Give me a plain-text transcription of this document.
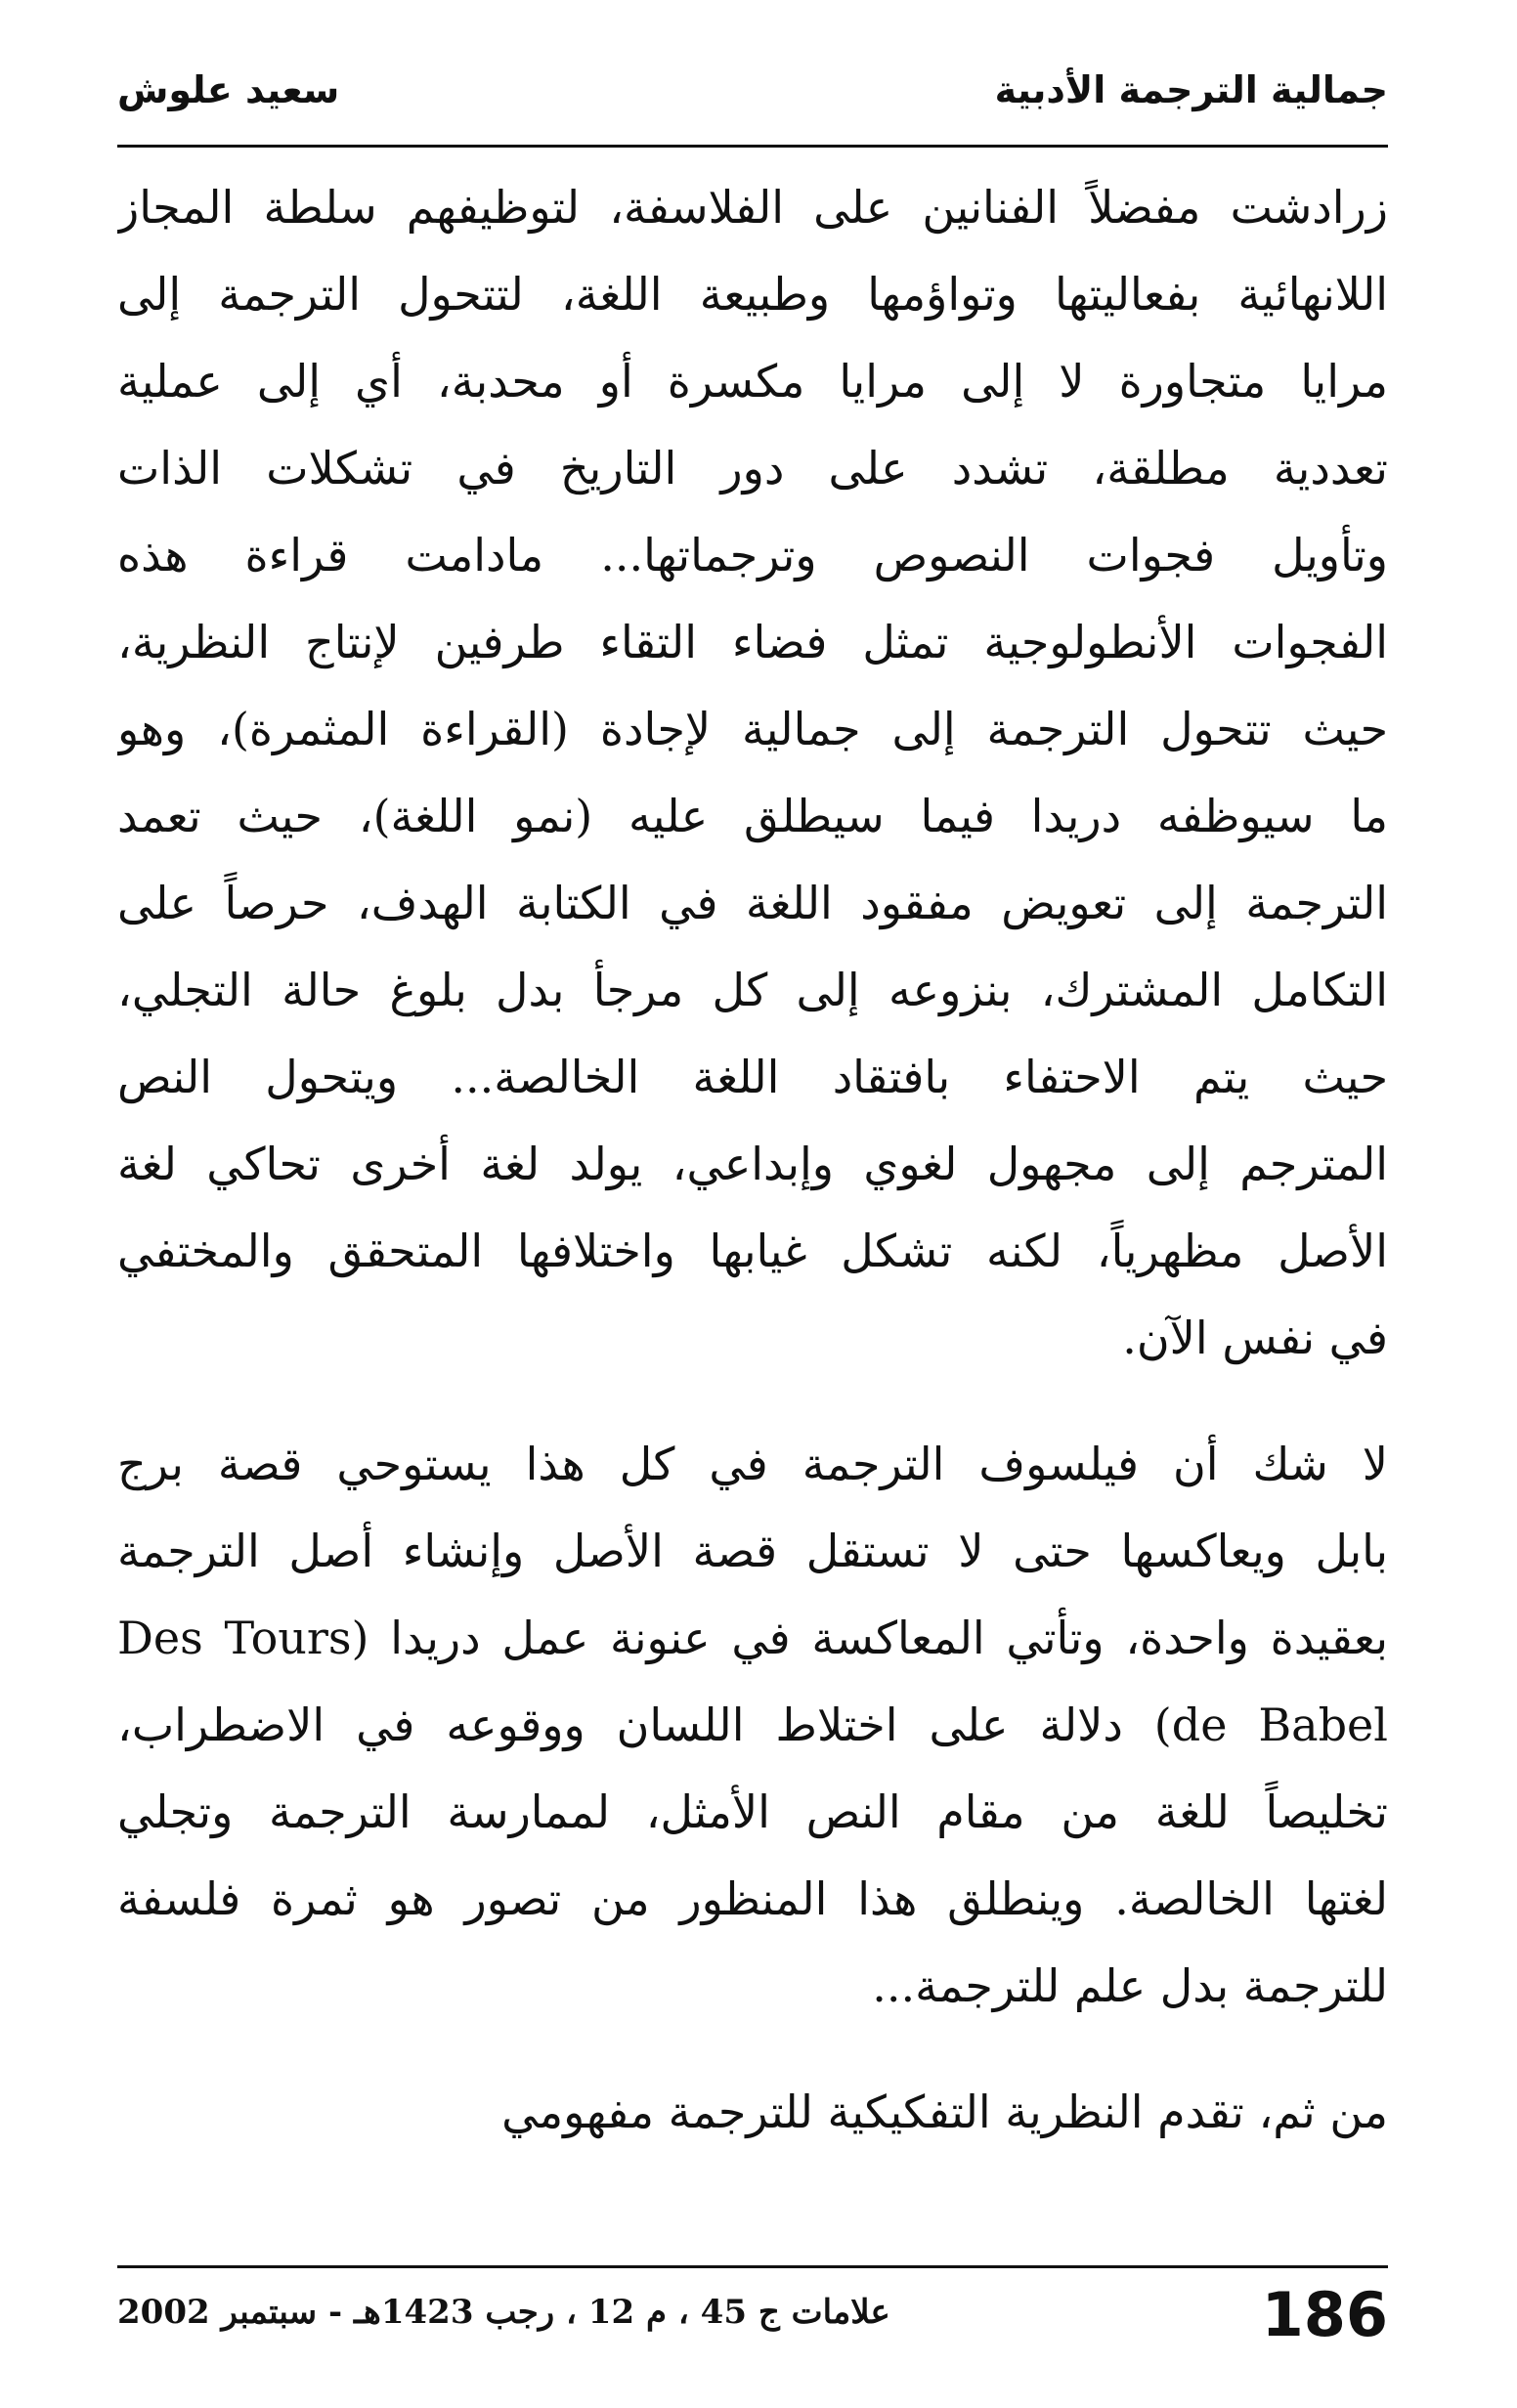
جمالية الترجمة الأدبية
سعيد علوش
زرادشت مفضلاً الفنانين على الفلاسفة، لتوظيفهم سلطة المجاز
اللانهائية بفعاليتها وتواؤمها وطبيعة اللغة، لتتحول الترجمة إلى
مرايا متجاورة لا إلى مرايا مكسرة أو محدبة، أي إلى عملية
تعددية مطلقة، تشدد على دور التاريخ في تشكلات الذات
وتأويل فجوات النصوص وترجماتها... مادامت قراءة هذه
الفجوات الأنطولوجية تمثل فضاء التقاء طرفين لإنتاج النظرية،
حيث تتحول الترجمة إلى جمالية لإجادة (القراءة المثمرة)، وهو
ما سيوظفه دريدا فيما سيطلق عليه (نمو اللغة)، حيث تعمد
الترجمة إلى تعويض مفقود اللغة في الكتابة الهدف، حرصاً على
التكامل المشترك، بنزوعه إلى كل مرجأ بدل بلوغ حالة التجلي،
حيث يتم الاحتفاء بافتقاد اللغة الخالصة... ويتحول النص
المترجم إلى مجهول لغوي وإبداعي، يولد لغة أخرى تحاكي لغة
الأصل مظهرياً، لكنه تشكل غيابها واختلافها المتحقق والمختفي
في نفس الآن.
لا شك أن فيلسوف الترجمة في كل هذا يستوحي قصة برج
بابل ويعاكسها حتى لا تستقل قصة الأصل وإنشاء أصل الترجمة
بعقيدة واحدة، وتأتي المعاكسة في عنونة عمل دريدا (Des Tours
de Babel) دلالة على اختلاط اللسان ووقوعه في الاضطراب،
تخليصاً للغة من مقام النص الأمثل، لممارسة الترجمة وتجلي
لغتها الخالصة. وينطلق هذا المنظور من تصور هو ثمرة فلسفة
للترجمة بدل علم للترجمة...
من ثم، تقدم النظرية التفكيكية للترجمة مفهومي
علامات ج 45 ، م 12 ، رجب 1423هـ - سبتمبر 2002	186
